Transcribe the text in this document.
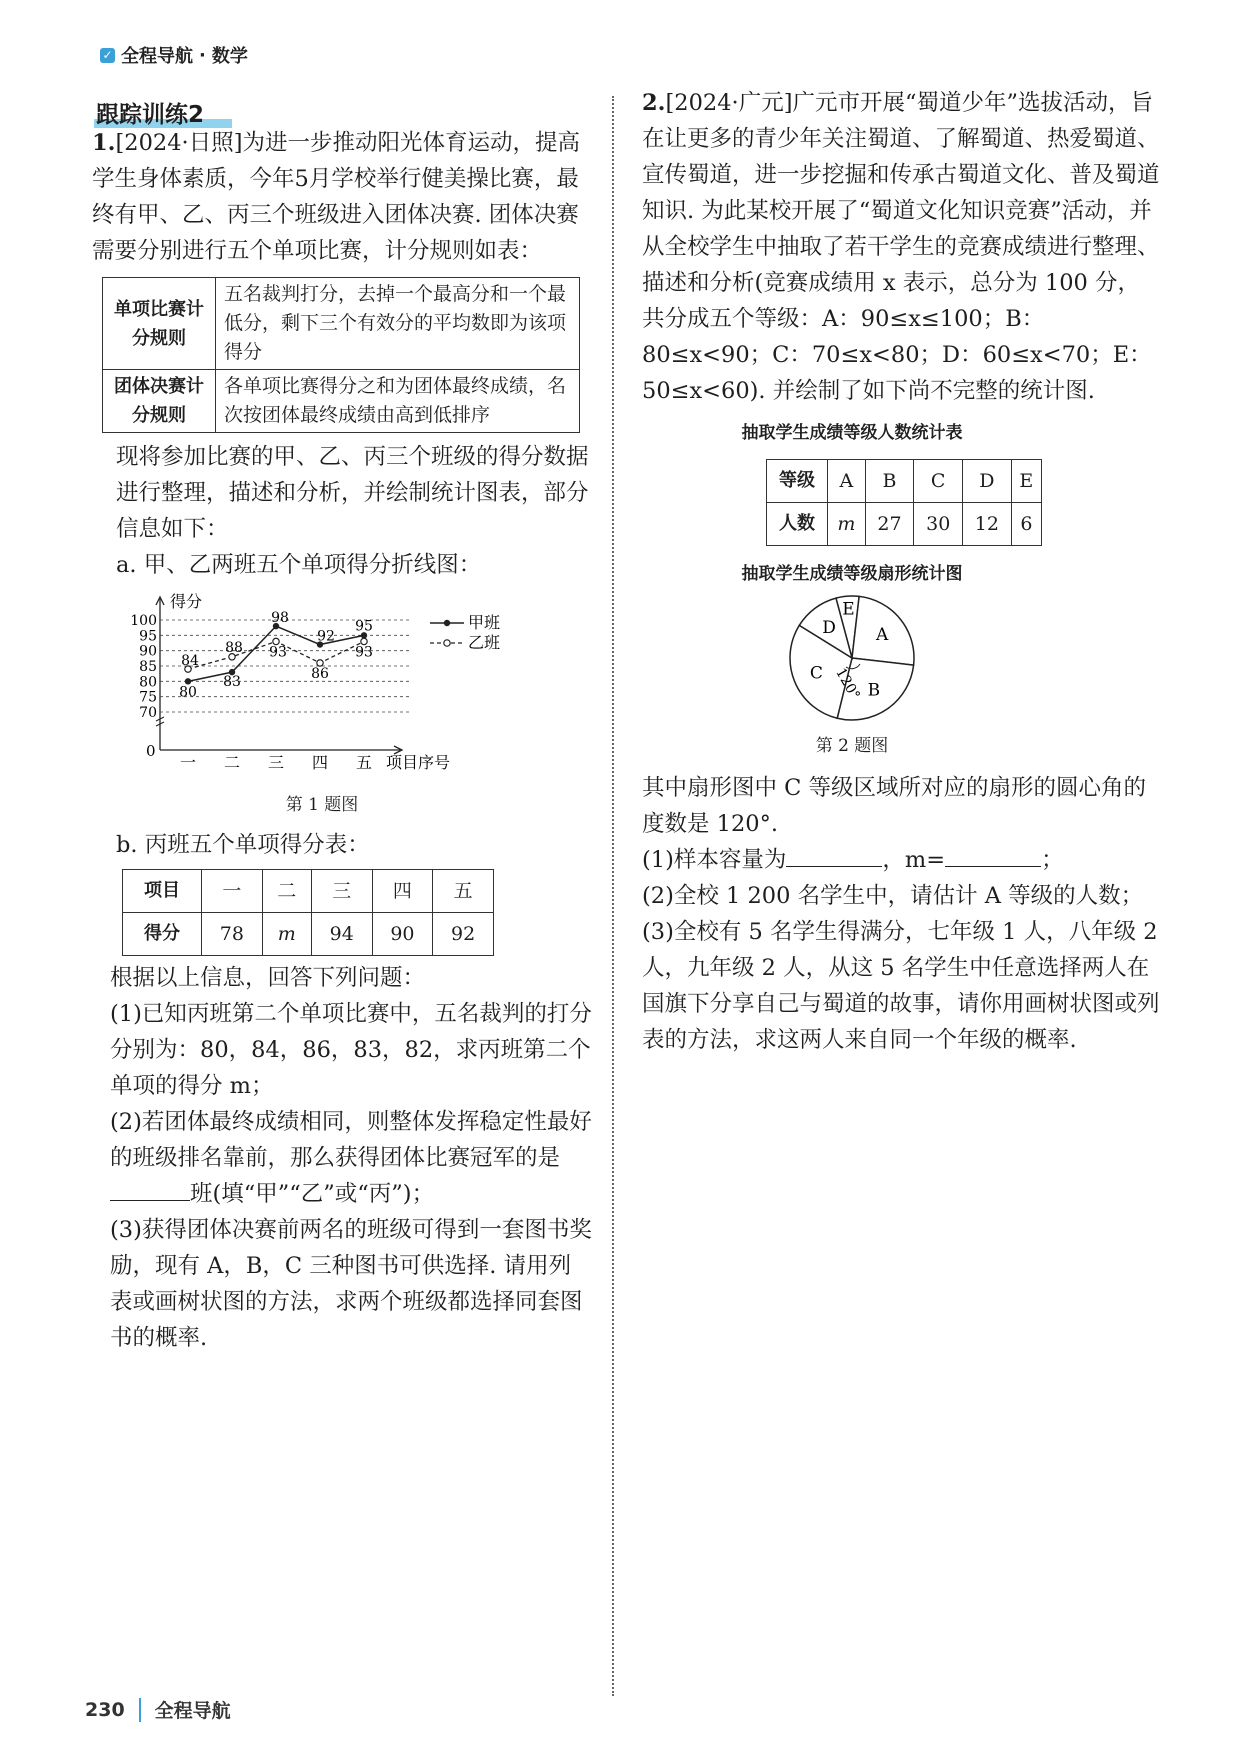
✓ 全程导航 · 数学
跟踪训练2
1.[2024·日照]为进一步推动阳光体育运动，提高学生身体素质，今年5月学校举行健美操比赛，最终有甲、乙、丙三个班级进入团体决赛. 团体决赛需要分别进行五个单项比赛，计分规则如表：
单项比赛计分规则	五名裁判打分，去掉一个最高分和一个最低分，剩下三个有效分的平均数即为该项得分
团体决赛计分规则	各单项比赛得分之和为团体最终成绩，名次按团体最终成绩由高到低排序
现将参加比赛的甲、乙、丙三个班级的得分数据进行整理，描述和分析，并绘制统计图表，部分信息如下：
a. 甲、乙两班五个单项得分折线图：
得分
0
70
75
80
85
90
95
100
一 二 三 四 五 项目序号
80
83
98
92
95
84
88 93
86
93
甲班
乙班
第 1 题图
b. 丙班五个单项得分表：
项目	一	二	三	四	五
得分	78	m	94	90	92
根据以上信息，回答下列问题：
(1)已知丙班第二个单项比赛中，五名裁判的打分分别为：80，84，86，83，82，求丙班第二个单项的得分 m；
(2)若团体最终成绩相同，则整体发挥稳定性最好的班级排名靠前，那么获得团体比赛冠军的是班(填“甲”“乙”或“丙”)；
(3)获得团体决赛前两名的班级可得到一套图书奖励，现有 A，B，C 三种图书可供选择. 请用列表或画树状图的方法，求两个班级都选择同套图书的概率.
2.[2024·广元]广元市开展“蜀道少年”选拔活动，旨在让更多的青少年关注蜀道、了解蜀道、热爱蜀道、宣传蜀道，进一步挖掘和传承古蜀道文化、普及蜀道知识. 为此某校开展了“蜀道文化知识竞赛”活动，并从全校学生中抽取了若干学生的竞赛成绩进行整理、描述和分析(竞赛成绩用 x 表示，总分为 100 分，共分成五个等级：A：90≤x≤100；B：80≤x<90；C：70≤x<80；D：60≤x<70；E：50≤x<60). 并绘制了如下尚不完整的统计图.
抽取学生成绩等级人数统计表
等级	A	B	C	D	E
人数	m	27	30	12	6
抽取学生成绩等级扇形统计图
E
A
B
C
D
120°
第 2 题图
其中扇形图中 C 等级区域所对应的扇形的圆心角的度数是 120°.
(1)样本容量为	，m=	；
(2)全校 1 200 名学生中，请估计 A 等级的人数；
(3)全校有 5 名学生得满分，七年级 1 人，八年级 2 人，九年级 2 人，从这 5 名学生中任意选择两人在国旗下分享自己与蜀道的故事，请你用画树状图或列表的方法，求这两人来自同一个年级的概率.
230 全程导航
